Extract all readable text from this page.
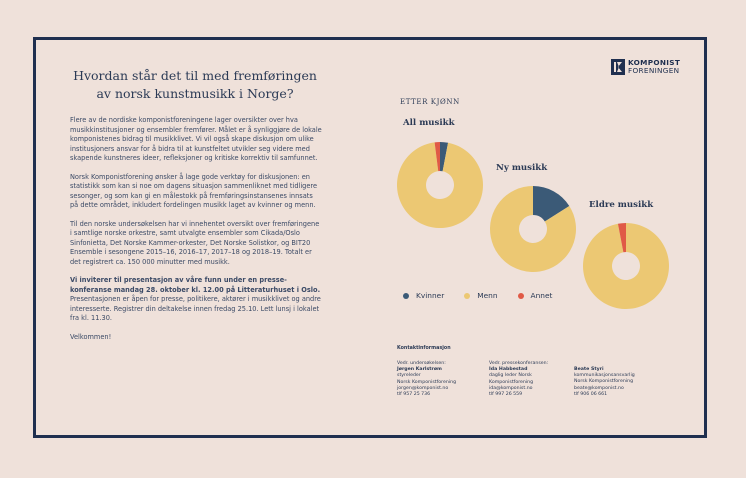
KOMPONIST
FORENINGEN
Hvordan står det til med fremføringen av norsk kunstmusikk i Norge?

Flere av de nordiske komponistforeningene lager oversikter over hva musikkinstitusjoner og ensembler fremfører. Målet er å synliggjøre de lokale komponistenes bidrag til musikklivet. Vi vil også skape diskusjon om ulike institusjoners ansvar for å bidra til at kunstfeltet utvikler seg videre med skapende kunstneres ideer, refleksjoner og kritiske korrektiv til samfunnet.

Norsk Komponistforening ønsker å lage gode verktøy for diskusjonen: en statistikk som kan si noe om dagens situasjon sammenliknet med tidligere sesonger, og som kan gi en målestokk på fremføringsinstansenes innsats på dette området, inkludert fordelingen musikk laget av kvinner og menn.

Til den norske undersøkelsen har vi innehentet oversikt over fremføringene i samtlige norske orkestre, samt utvalgte ensembler som Cikada/Oslo Sinfonietta, Det Norske Kammer-orkester, Det Norske Solistkor, og BIT20 Ensemble i sesongene 2015–16, 2016–17, 2017–18 og 2018–19. Totalt er det registrert ca. 150 000 minutter med musikk.

Vi inviterer til presentasjon av våre funn under en presse-konferanse mandag 28. oktober kl. 12.00 på Litteraturhuset i Oslo. Presentasjonen er åpen for presse, politikere, aktører i musikklivet og andre interesserte. Registrer din deltakelse innen fredag 25.10. Lett lunsj i lokalet fra kl. 11.30.

Velkommen!

ETTER KJØNN
All musikk
Ny musikk
Eldre musikk
Kvinner	Menn	Annet
Kontaktinformasjon
Vedr. undersøkelsen:
Jørgen Karlstrøm
styreleder
Norsk Komponistforening
jorgen@komponist.no
tlf 957 25 736
Vedr. pressekonferansen:
Ida Habbestad
daglig leder Norsk
Komponistforening
ida@komponist.no
tlf 997 26 559
Beate Styri
kommunikasjonsansvarlig
Norsk Komponistforening
beate@komponist.no
tlf 906 06 661
